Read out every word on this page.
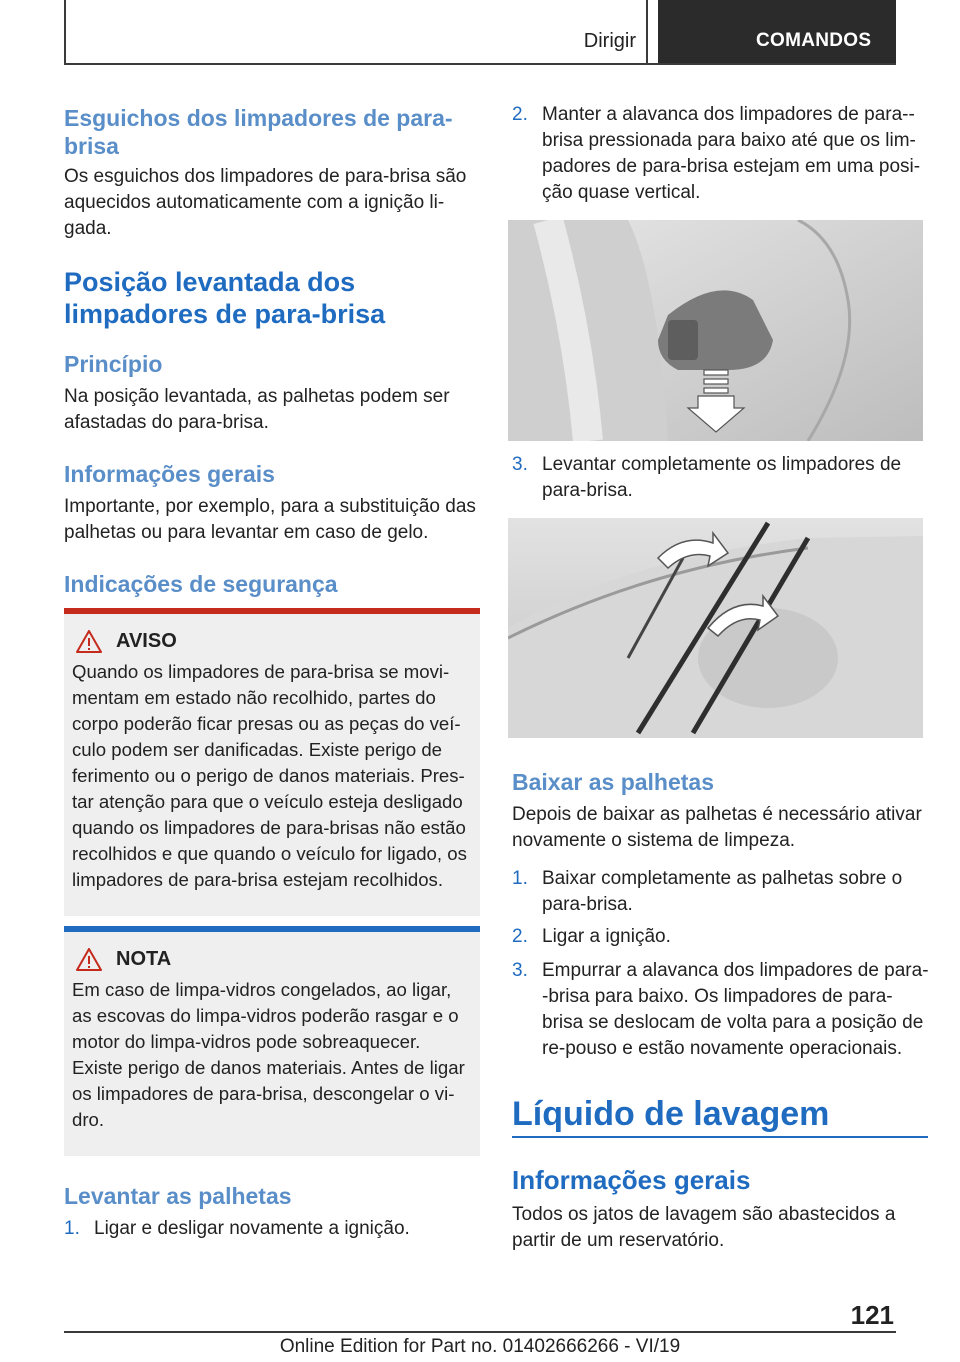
Dirigir	COMANDOS
Esguichos dos limpadores de para-brisa

Os esguichos dos limpadores de para-brisa são aquecidos automaticamente com a ignição li-gada.

Posição levantada dos limpadores de para-brisa
Princípio

Na posição levantada, as palhetas podem ser afastadas do para-brisa.

Informações gerais

Importante, por exemplo, para a substituição das palhetas ou para levantar em caso de gelo.

Indicações de segurança
AVISO

Quando os limpadores de para-brisa se movi-mentam em estado não recolhido, partes do corpo poderão ficar presas ou as peças do veí-culo podem ser danificadas. Existe perigo de ferimento ou o perigo de danos materiais. Pres-tar atenção para que o veículo esteja desligado quando os limpadores de para-brisas não estão recolhidos e que quando o veículo for ligado, os limpadores de para-brisa estejam recolhidos.

NOTA

Em caso de limpa-vidros congelados, ao ligar, as escovas do limpa-vidros poderão rasgar e o motor do limpa-vidros pode sobreaquecer. Existe perigo de danos materiais. Antes de ligar os limpadores de para-brisa, descongelar o vi-dro.

Levantar as palhetas
1. Ligar e desligar novamente a ignição.
2. Manter a alavanca dos limpadores de para--brisa pressionada para baixo até que os lim-padores de para-brisa estejam em uma posi-ção quase vertical.
3. Levantar completamente os limpadores de para-brisa.
Baixar as palhetas

Depois de baixar as palhetas é necessário ativar novamente o sistema de limpeza.

1. Baixar completamente as palhetas sobre o para-brisa.
2. Ligar a ignição.
3. Empurrar a alavanca dos limpadores de para--brisa para baixo. Os limpadores de para-brisa se deslocam de volta para a posição de re-pouso e estão novamente operacionais.
Líquido de lavagem
Informações gerais

Todos os jatos de lavagem são abastecidos a partir de um reservatório.

121
Online Edition for Part no. 01402666266 - VI/19
